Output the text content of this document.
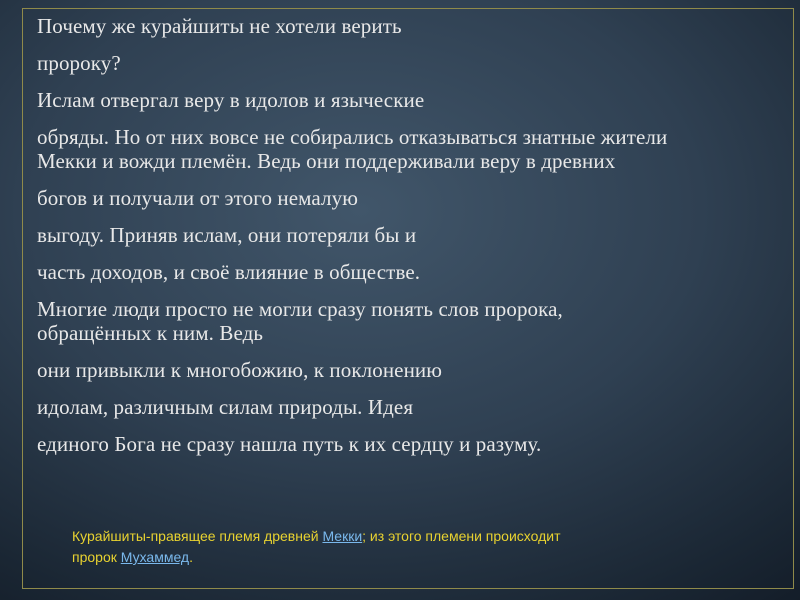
Почему же курайшиты не хотели верить
пророку?
Ислам отвергал веру в идолов и языческие
обряды. Но от них вовсе не собирались отказываться знатные жители
Мекки и вожди племён. Ведь они поддерживали веру в древних
богов и получали от этого немалую
выгоду. Приняв ислам, они потеряли бы и
часть доходов, и своё влияние в обществе.
Многие люди просто не могли сразу понять слов пророка,
обращённых к ним. Ведь
они привыкли к многобожию, к поклонению
идолам, различным силам природы. Идея
единого Бога не сразу нашла путь к их сердцу и разуму.

Курайшиты-правящее племя древней Мекки; из этого племени происходит
пророк Мухаммед.
